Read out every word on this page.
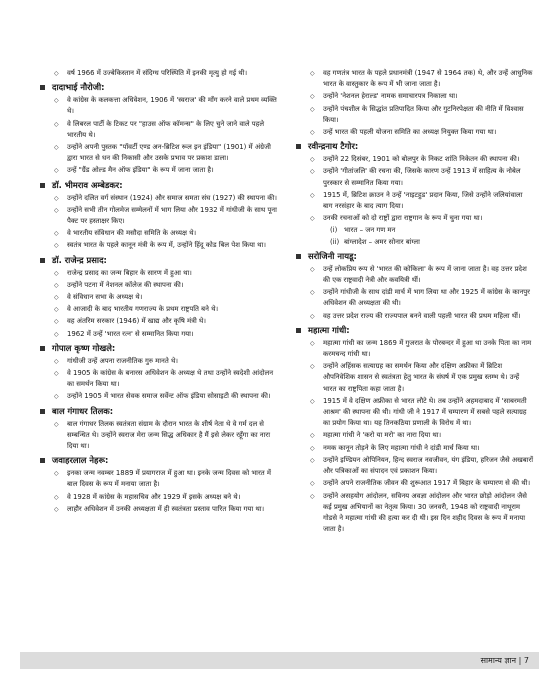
◇
वर्ष 1966 में उज्बेकिस्तान में संदिग्ध परिस्थिति में इनकी मृत्यु हो गई थी।
दादाभाई नौरोजी:
◇
वे कांग्रेस के कलकत्ता अधिवेशन, 1906 में 'स्वराज' की माँग करने वाले प्रथम व्यक्ति थे।
◇
वे लिबरल पार्टी के टिकट पर "हाउस ऑफ कॉमन्स" के लिए चुने जाने वाले पहले भारतीय थे।
◇
उन्होंने अपनी पुस्तक "पॉवर्टी एण्ड अन-ब्रिटिश रूल इन इंडिया" (1901) में अंग्रेजी द्वारा भारत से धन की निकासी और उसके प्रभाव पर प्रकाश डाला।
◇
उन्हें "ग्रैंड ओल्ड मैन ऑफ इंडिया" के रूप में जाना जाता है।
डॉ. भीमराव अम्बेडकर:
◇
उन्होंने दलित वर्ग संस्थान (1924) और समाज समता संघ (1927) की स्थापना की।
◇
उन्होंने सभी तीन गोलमेज सम्मेलनों में भाग लिया और 1932 में गांधीजी के साथ पूना पैक्ट पर हस्ताक्षर किए।
◇
वे भारतीय संविधान की मसौदा समिति के अध्यक्ष थे।
◇
स्वतंत्र भारत के पहले कानून मंत्री के रूप में, उन्होंने हिंदू कोड बिल पेश किया था।
डॉ. राजेन्द्र प्रसाद:
◇
राजेन्द्र प्रसाद का जन्म बिहार के सारण में हुआ था।
◇
उन्होंने पटना में नेशनल कॉलेज की स्थापना की।
◇
वे संविधान सभा के अध्यक्ष थे।
◇
वे आजादी के बाद भारतीय गणराज्य के प्रथम राष्ट्रपति बने थे।
◇
वह अंतरिम सरकार (1946) में खाद्य और कृषि मंत्री थे।
◇
1962 में उन्हें 'भारत रत्न' से सम्मानित किया गया।
गोपाल कृष्ण गोखले:
◇
गांधीजी उन्हें अपना राजनीतिक गुरु मानते थे।
◇
वे 1905 के कांग्रेस के बनारस अधिवेशन के अध्यक्ष थे तथा उन्होंने स्वदेशी आंदोलन का समर्थन किया था।
◇
उन्होंने 1905 में भारत सेवक समाज सर्वेन्ट ऑफ इंडिया सोसाइटी की स्थापना की।
बाल गंगाधर तिलक:
◇
बाल गंगाधर तिलक स्वतंत्रता संग्राम के दौरान भारत के शीर्ष नेता थे वे गर्म दल से सम्बन्धित थे। उन्होंने स्वराज मेरा जन्म सिद्ध अधिकार है मैं इसे लेकर रहूँगा का नारा दिया था।
जवाहरलाल नेहरू:
◇
इनका जन्म नवम्बर 1889 में प्रयागराज में हुआ था। इनके जन्म दिवस को भारत में बाल दिवस के रूप में मनाया जाता है।
◇
वे 1928 में कांग्रेस के महासचिव और 1929 में इसके अध्यक्ष बने थे।
◇
लाहौर अधिवेशन में उनकी अध्यक्षता में ही स्वतंत्रता प्रस्ताव पारित किया गया था।
◇
वह गणतंत्र भारत के पहले प्रधानमंत्री (1947 से 1964 तक) थे, और उन्हें आधुनिक भारत के वास्तुकार के रूप में भी जाना जाता है।
◇
उन्होंने 'नेशनल हेराल्ड' नामक समाचारपत्र निकाला था।
◇
उन्होंने पंचशील के सिद्धांत प्रतिपादित किया और गुटनिरपेक्षता की नीति में विश्वास किया।
◇
उन्हें भारत की पहली योजना समिति का अध्यक्ष नियुक्त किया गया था।
रवीन्द्रनाथ टैगोर:
◇
उन्होंने 22 दिसंबर, 1901 को बोलपुर के निकट शांति निकेतन की स्थापना की।
◇
उन्होंने 'गीतांजलि' की रचना की, जिसके कारण उन्हें 1913 में साहित्य के नोबेल पुरस्कार से सम्मानित किया गया।
◇
1915 में, ब्रिटिश क्राउन ने उन्हें 'नाइटहुड' प्रदान किया, जिसे उन्होंने जलियांवाला बाग नरसंहार के बाद त्याग दिया।
◇
उनकी रचनाओं को दो राष्ट्रों द्वारा राष्ट्रगान के रूप में चुना गया था।
(i) भारत – जन गण मन
(ii) बांग्लादेश – अमर सोनार बांग्ला
सरोजिनी नायडू:
◇
उन्हें लोकप्रिय रूप से 'भारत की कोकिला' के रूप में जाना जाता है। वह उत्तर प्रदेश की एक राष्ट्रवादी नेत्री और कवयित्री थीं।
◇
उन्होंने गांधीजी के साथ दांडी मार्च में भाग लिया था और 1925 में कांग्रेस के कानपुर अधिवेशन की अध्यक्षता की थी।
◇
वह उत्तर प्रदेश राज्य की राज्यपाल बनने वाली पहली भारत की प्रथम महिला थीं।
महात्मा गांधी:
◇
महात्मा गांधी का जन्म 1869 में गुजरात के पोरबन्दर में हुआ था उनके पिता का नाम करमचन्द गांधी था।
◇
उन्होंने अहिंसक सत्याग्रह का समर्थन किया और दक्षिण अफ्रीका में ब्रिटिश औपनिवेशिक शासन से स्वतंत्रता हेतु भारत के संघर्ष में एक प्रमुख स्तम्भ थे। उन्हें भारत का राष्ट्रपिता कहा जाता है।
◇
1915 में वे दक्षिण अफ्रीका से भारत लौटे थे। तब उन्होंने अहमदाबाद में 'साबरमती आश्रम' की स्थापना की थी। गांधी जी ने 1917 में चम्पारण में सबसे पहले सत्याग्रह का प्रयोग किया था। यह तिनकठिया प्रणाली के विरोध में था।
◇
महात्मा गांधी ने 'करो या मरो' का नारा दिया था।
◇
नमक कानून तोड़ने के लिए महात्मा गांधी ने दांडी मार्च किया था।
◇
उन्होंने इण्डियन ओपिनियन, हिन्द स्वराज नवजीवन, यंग इंडिया, हरिजन जैसे अखबारों और पत्रिकाओं का संपादन एवं प्रकाशन किया।
◇
उन्होंने अपने राजनीतिक जीवन की शुरूआत 1917 में बिहार के चम्पारण से की थी।
◇
उन्होंने असहयोग आंदोलन, सविनय अवज्ञा आंदोलन और भारत छोड़ो आंदोलन जैसे कई प्रमुख अभियानों का नेतृत्व किया। 30 जनवरी, 1948 को राष्ट्रवादी नाथूराम गोडसे ने महात्मा गांधी की हत्या कर दी थी। इस दिन शहीद दिवस के रूप में मनाया जाता है।
सामान्य ज्ञान | 7
